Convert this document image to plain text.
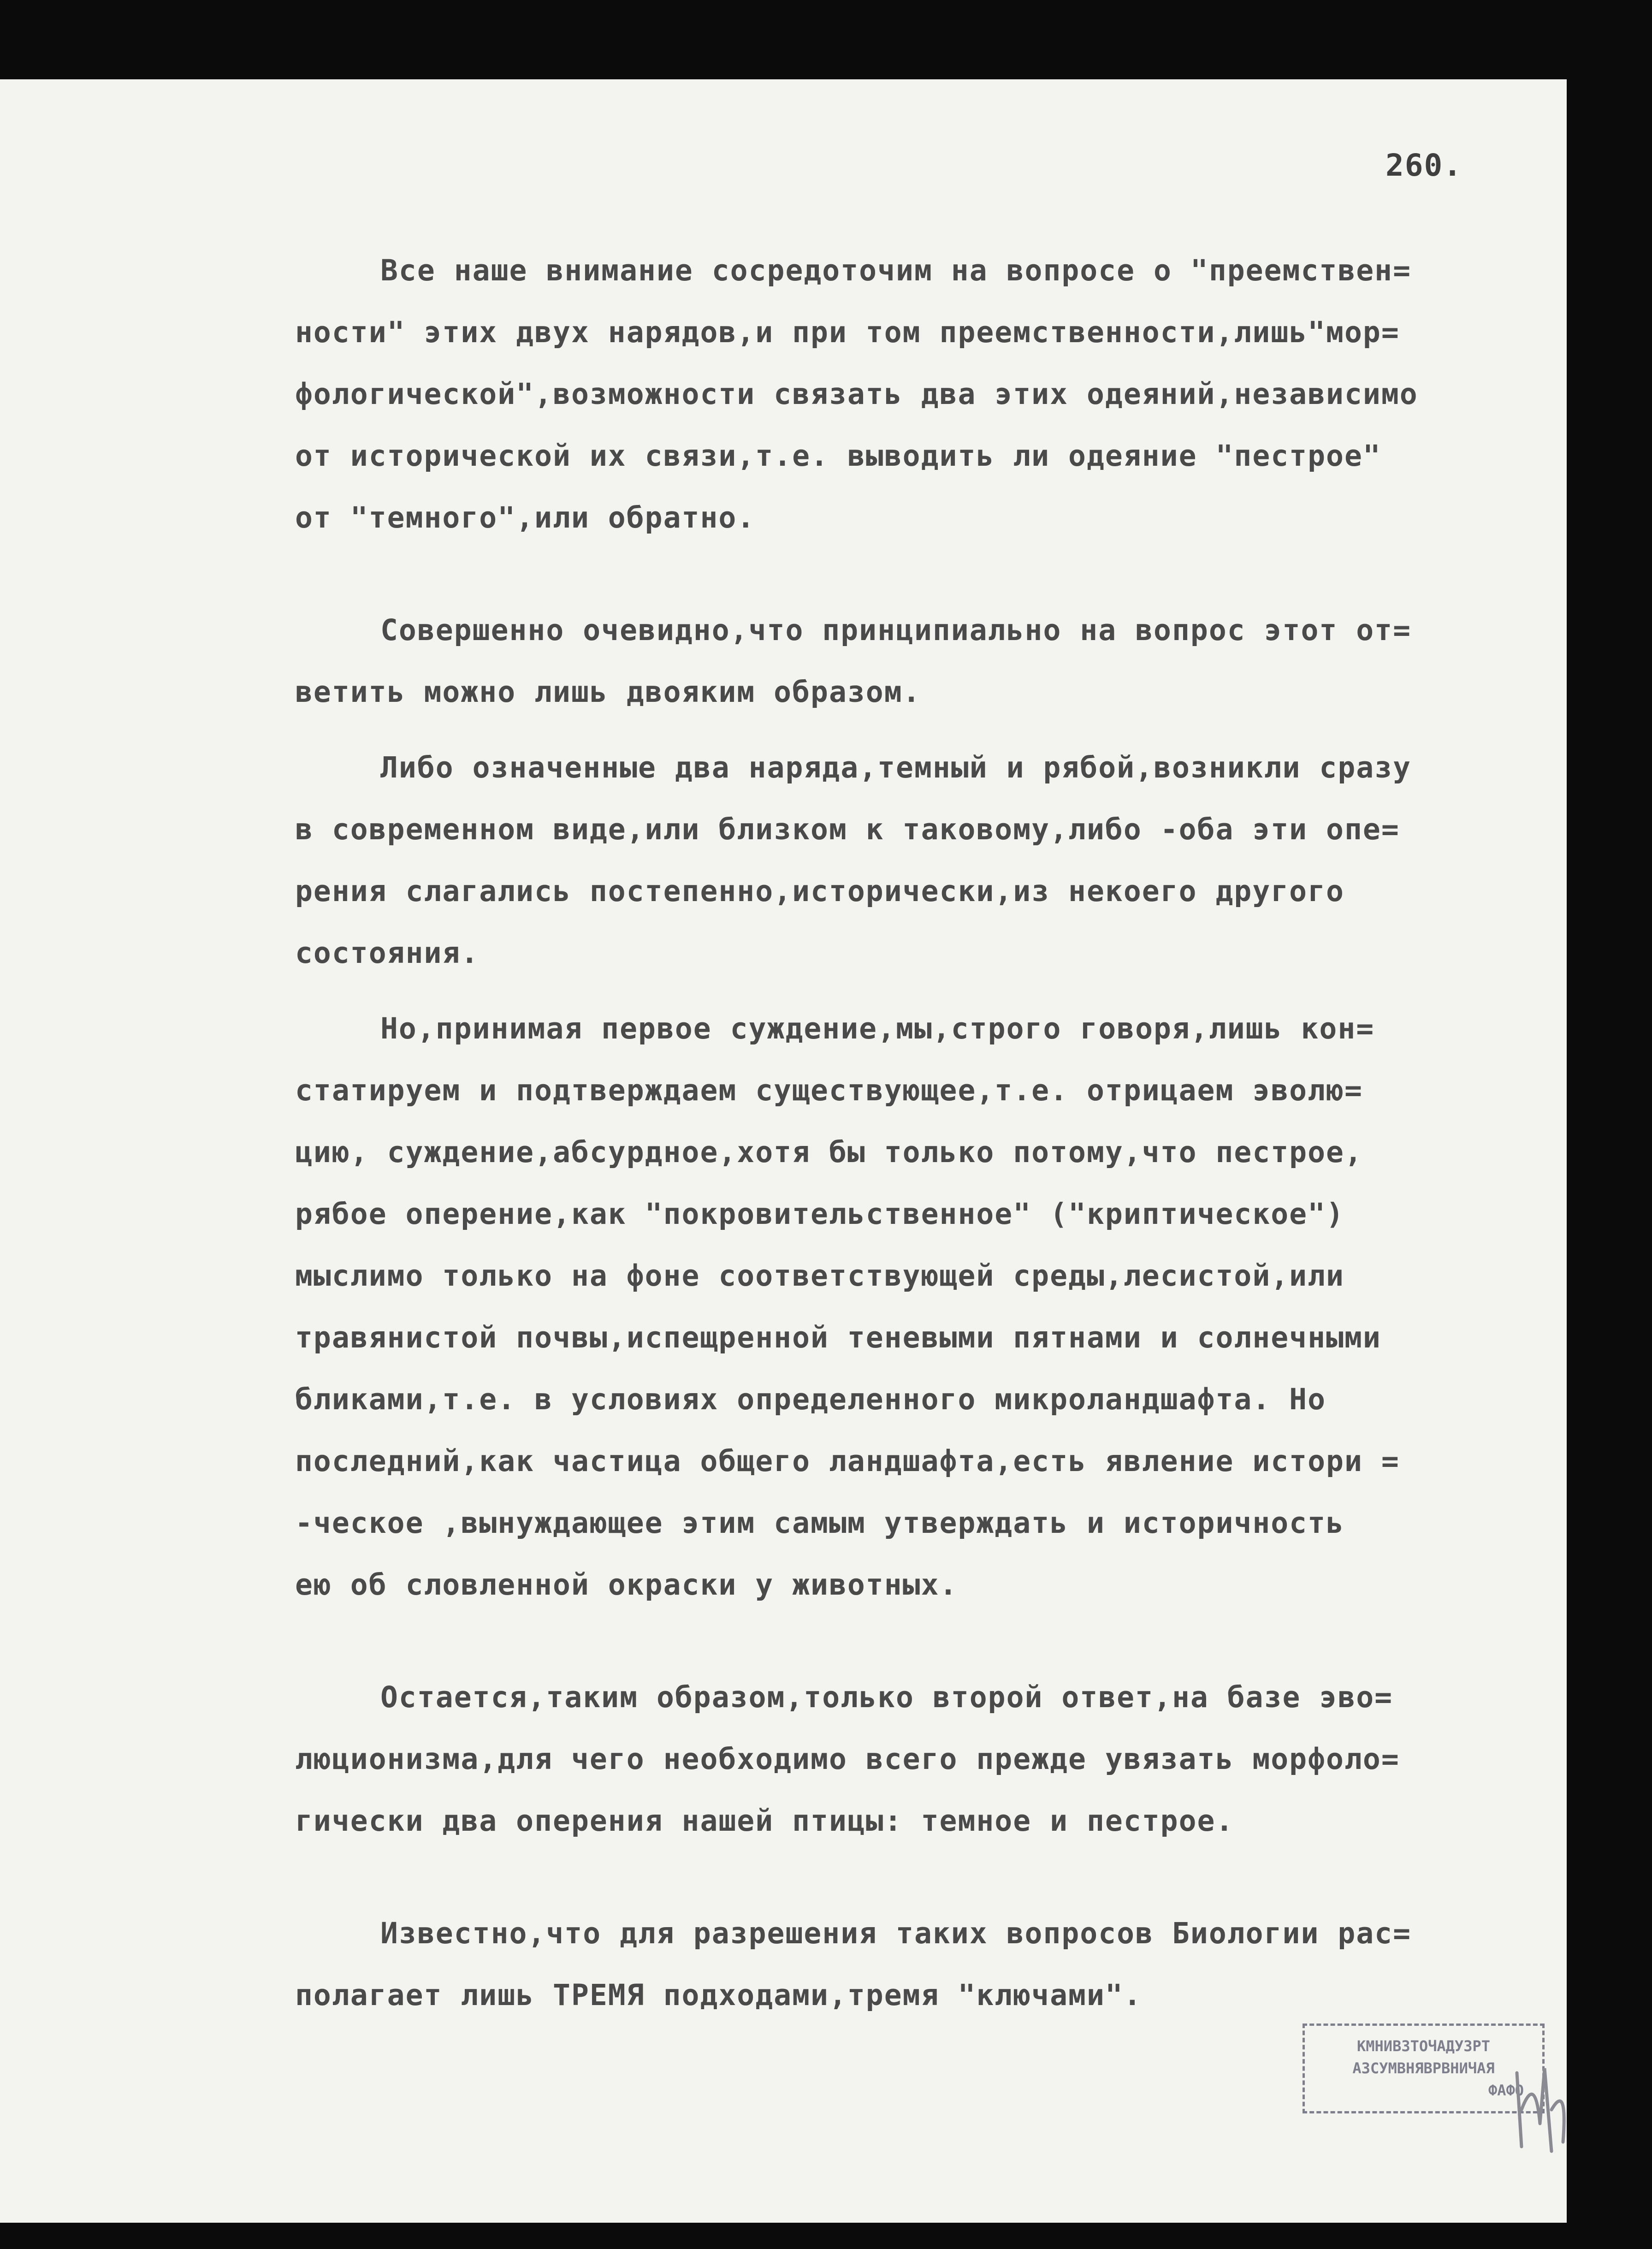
260.
Все наше внимание сосредоточим на вопросе о "преемствен=
ности" этих двух нарядов,и при том преемственности,лишь"мор=
фологической",возможности связать два этих одеяний,независимо
от исторической их связи,т.е. выводить ли одеяние "пестрое"
от "темного",или обратно.
Совершенно очевидно,что принципиально на вопрос этот от=
ветить можно лишь двояким образом.
Либо означенные два наряда,темный и рябой,возникли сразу
в современном виде,или близком к таковому,либо -оба эти опе=
рения слагались постепенно,исторически,из некоего другого
состояния.
Но,принимая первое суждение,мы,строго говоря,лишь кон=
статируем и подтверждаем существующее,т.е. отрицаем эволю=
цию, суждение,абсурдное,хотя бы только потому,что пестрое,
рябое оперение,как "покровительственное" ("криптическое")
мыслимо только на фоне соответствующей среды,лесистой,или
травянистой почвы,испещренной теневыми пятнами и солнечными
бликами,т.е. в условиях определенного микроландшафта. Но
последний,как частица общего ландшафта,есть явление истори =
-ческое ,вынуждающее этим самым утверждать и историчность
ею об словленной окраски у животных.
Остается,таким образом,только второй ответ,на базе эво=
люционизма,для чего необходимо всего прежде увязать морфоло=
гически два оперения нашей птицы: темное и пестрое.
Известно,что для разрешения таких вопросов Биологии рас=
полагает лишь ТРЕМЯ подходами,тремя "ключами".
КМНИВЗТОЧАДУЗРТ
АЗСУМВНЯВРВНИЧАЯ
ФАФО
